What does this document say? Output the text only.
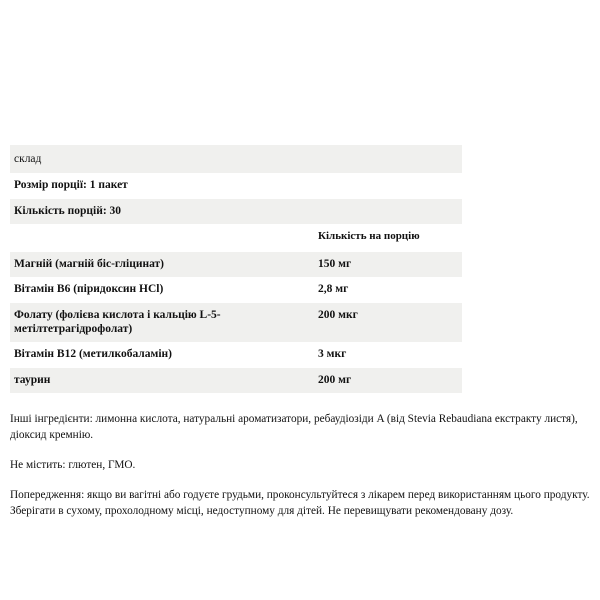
склад	
Розмір порції: 1 пакет	
Кількість порцій: 30	
	Кількість на порцію
Магній (магній біс-гліцинат)	150 мг
Вітамін B6 (піридоксин HCl)	2,8 мг
Фолату (фолієва кислота і кальцію L-5-метілтетрагідрофолат)	200 мкг
Вітамін B12 (метилкобаламін)	3 мкг
таурин	200 мг

Інші інгредієнти: лимонна кислота, натуральні ароматизатори, ребаудіозіди A (від Stevia Rebaudiana екстракту листя), діоксид кремнію.

Не містить: глютен, ГМО.

Попередження: якщо ви вагітні або годуєте грудьми, проконсультуйтеся з лікарем перед використанням цього продукту. Зберігати в сухому, прохолодному місці, недоступному для дітей. Не перевищувати рекомендовану дозу.
